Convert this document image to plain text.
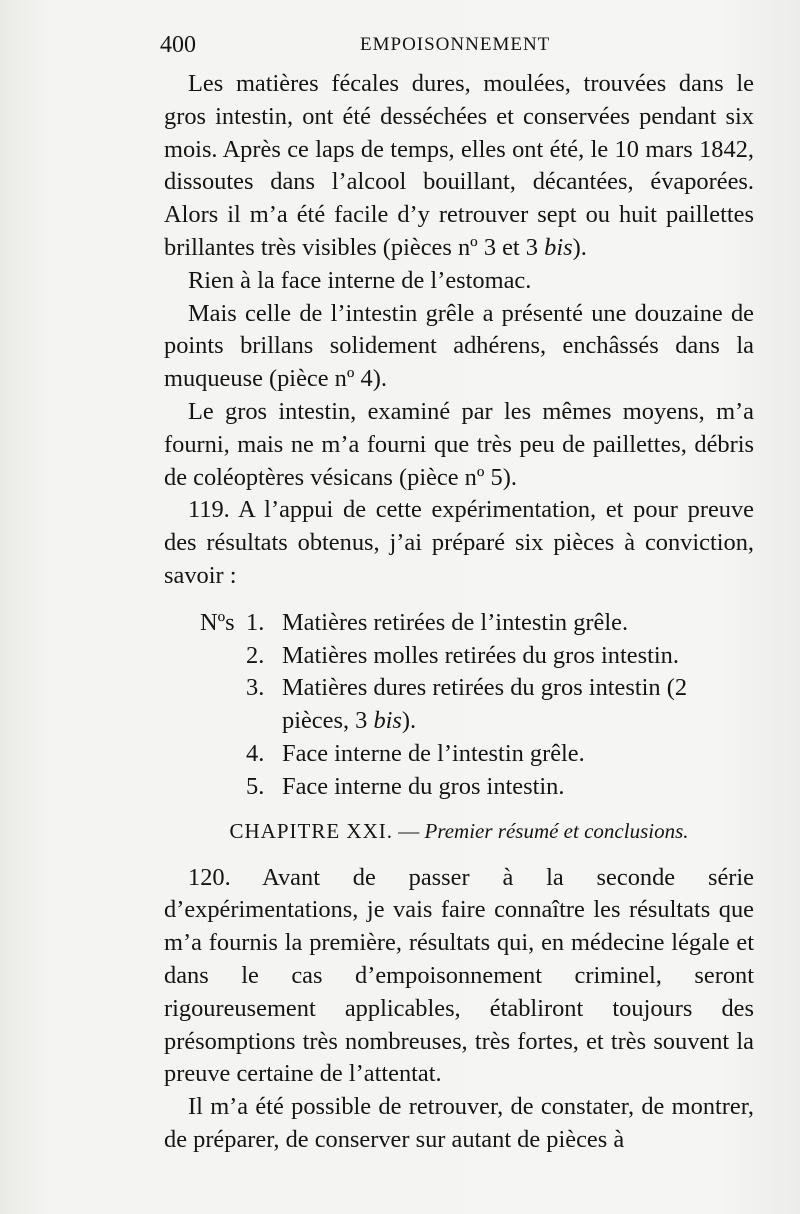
400	EMPOISONNEMENT

Les matières fécales dures, moulées, trouvées dans le gros intestin, ont été desséchées et conservées pendant six mois. Après ce laps de temps, elles ont été, le 10 mars 1842, dissoutes dans l’alcool bouillant, décantées, évaporées. Alors il m’a été facile d’y retrouver sept ou huit paillettes brillantes très visibles (pièces nº 3 et 3 bis).

Rien à la face interne de l’estomac.

Mais celle de l’intestin grêle a présenté une douzaine de points brillans solidement adhérens, enchâssés dans la muqueuse (pièce nº 4).

Le gros intestin, examiné par les mêmes moyens, m’a fourni, mais ne m’a fourni que très peu de paillettes, débris de coléoptères vésicans (pièce nº 5).

119. A l’appui de cette expérimentation, et pour preuve des résultats obtenus, j’ai préparé six pièces à conviction, savoir :

Nºs 1. Matières retirées de l’intestin grêle.
2. Matières molles retirées du gros intestin.
3. Matières dures retirées du gros intestin (2 pièces, 3 bis).
4. Face interne de l’intestin grêle.
5. Face interne du gros intestin.
CHAPITRE XXI. — Premier résumé et conclusions.

120. Avant de passer à la seconde série d’expérimentations, je vais faire connaître les résultats que m’a fournis la première, résultats qui, en médecine légale et dans le cas d’empoisonnement criminel, seront rigoureusement applicables, établiront toujours des présomptions très nombreuses, très fortes, et très souvent la preuve certaine de l’attentat.

Il m’a été possible de retrouver, de constater, de montrer, de préparer, de conserver sur autant de pièces à
